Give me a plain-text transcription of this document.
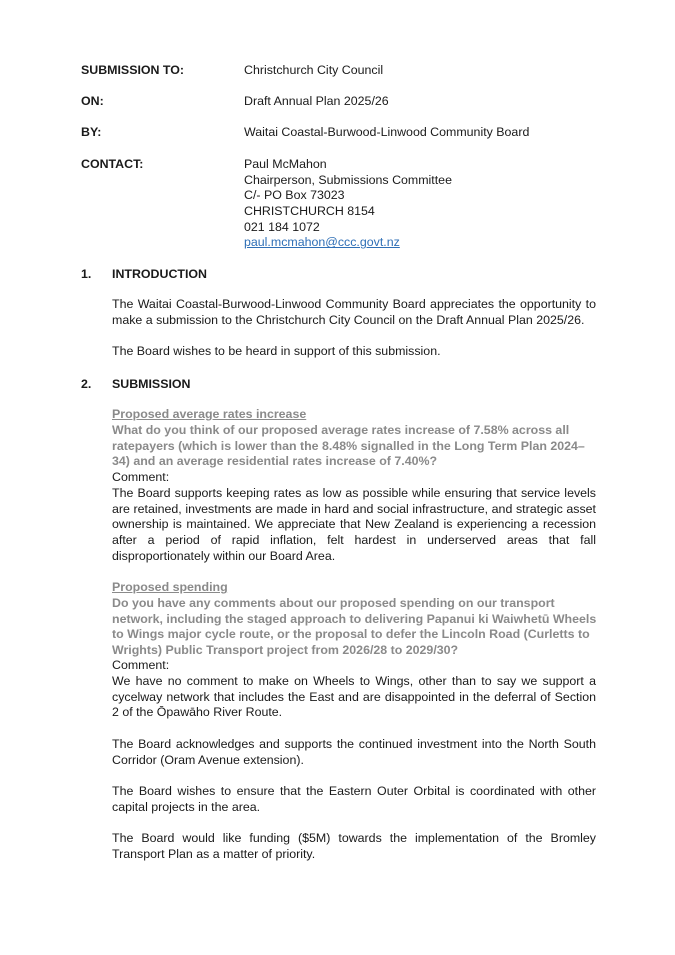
SUBMISSION TO:	Christchurch City Council
ON:	Draft Annual Plan 2025/26
BY:	Waitai Coastal-Burwood-Linwood Community Board
CONTACT:	Paul McMahon
Chairperson, Submissions Committee
C/- PO Box 73023
CHRISTCHURCH 8154
021 184 1072
paul.mcmahon@ccc.govt.nz
1. INTRODUCTION
The Waitai Coastal-Burwood-Linwood Community Board appreciates the opportunity to make a submission to the Christchurch City Council on the Draft Annual Plan 2025/26.
The Board wishes to be heard in support of this submission.
2. SUBMISSION
Proposed average rates increase
What do you think of our proposed average rates increase of 7.58% across all ratepayers (which is lower than the 8.48% signalled in the Long Term Plan 2024–34) and an average residential rates increase of 7.40%?
Comment:
The Board supports keeping rates as low as possible while ensuring that service levels are retained, investments are made in hard and social infrastructure, and strategic asset ownership is maintained. We appreciate that New Zealand is experiencing a recession after a period of rapid inflation, felt hardest in underserved areas that fall disproportionately within our Board Area.
Proposed spending
Do you have any comments about our proposed spending on our transport network, including the staged approach to delivering Papanui ki Waiwhetū Wheels to Wings major cycle route, or the proposal to defer the Lincoln Road (Curletts to Wrights) Public Transport project from 2026/28 to 2029/30?
Comment:
We have no comment to make on Wheels to Wings, other than to say we support a cycelway network that includes the East and are disappointed in the deferral of Section 2 of the Ōpawāho River Route.
The Board acknowledges and supports the continued investment into the North South Corridor (Oram Avenue extension).
The Board wishes to ensure that the Eastern Outer Orbital is coordinated with other capital projects in the area.
The Board would like funding ($5M) towards the implementation of the Bromley Transport Plan as a matter of priority.
